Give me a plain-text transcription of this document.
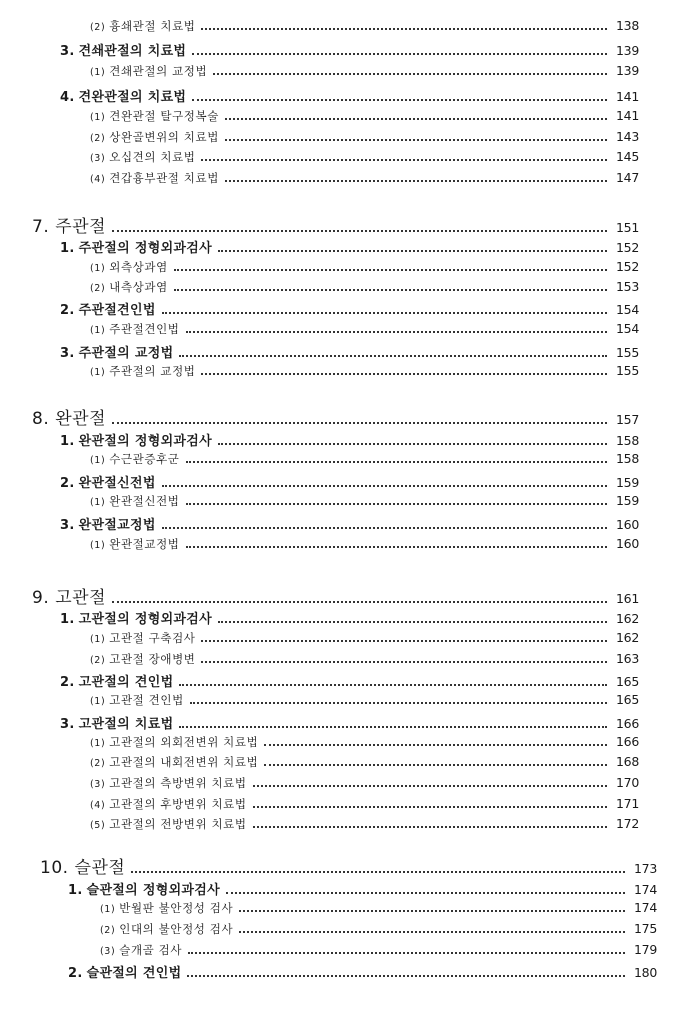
(2) 흉쇄관절 치료법	138
3. 견쇄관절의 치료법	139
(1) 견쇄관절의 교정법	139
4. 견완관절의 치료법	141
(1) 견완관절 탈구정복술	141
(2) 상완골변위의 치료법	143
(3) 오십견의 치료법	145
(4) 견갑흉부관절 치료법	147
7. 주관절	151
1. 주관절의 정형외과검사	152
(1) 외측상과염	152
(2) 내측상과염	153
2. 주관절견인법	154
(1) 주관절견인법	154
3. 주관절의 교정법	155
(1) 주관절의 교정법	155
8. 완관절	157
1. 완관절의 정형외과검사	158
(1) 수근관증후군	158
2. 완관절신전법	159
(1) 완관절신전법	159
3. 완관절교정법	160
(1) 완관절교정법	160
9. 고관절	161
1. 고관절의 정형외과검사	162
(1) 고관절 구축검사	162
(2) 고관절 장애병변	163
2. 고관절의 견인법	165
(1) 고관절 견인법	165
3. 고관절의 치료법	166
(1) 고관절의 외회전변위 치료법	166
(2) 고관절의 내회전변위 치료법	168
(3) 고관절의 측방변위 치료법	170
(4) 고관절의 후방변위 치료법	171
(5) 고관절의 전방변위 치료법	172
10. 슬관절	173
1. 슬관절의 정형외과검사	174
(1) 반월판 불안정성 검사	174
(2) 인대의 불안정성 검사	175
(3) 슬개골 검사	179
2. 슬관절의 견인법	180
